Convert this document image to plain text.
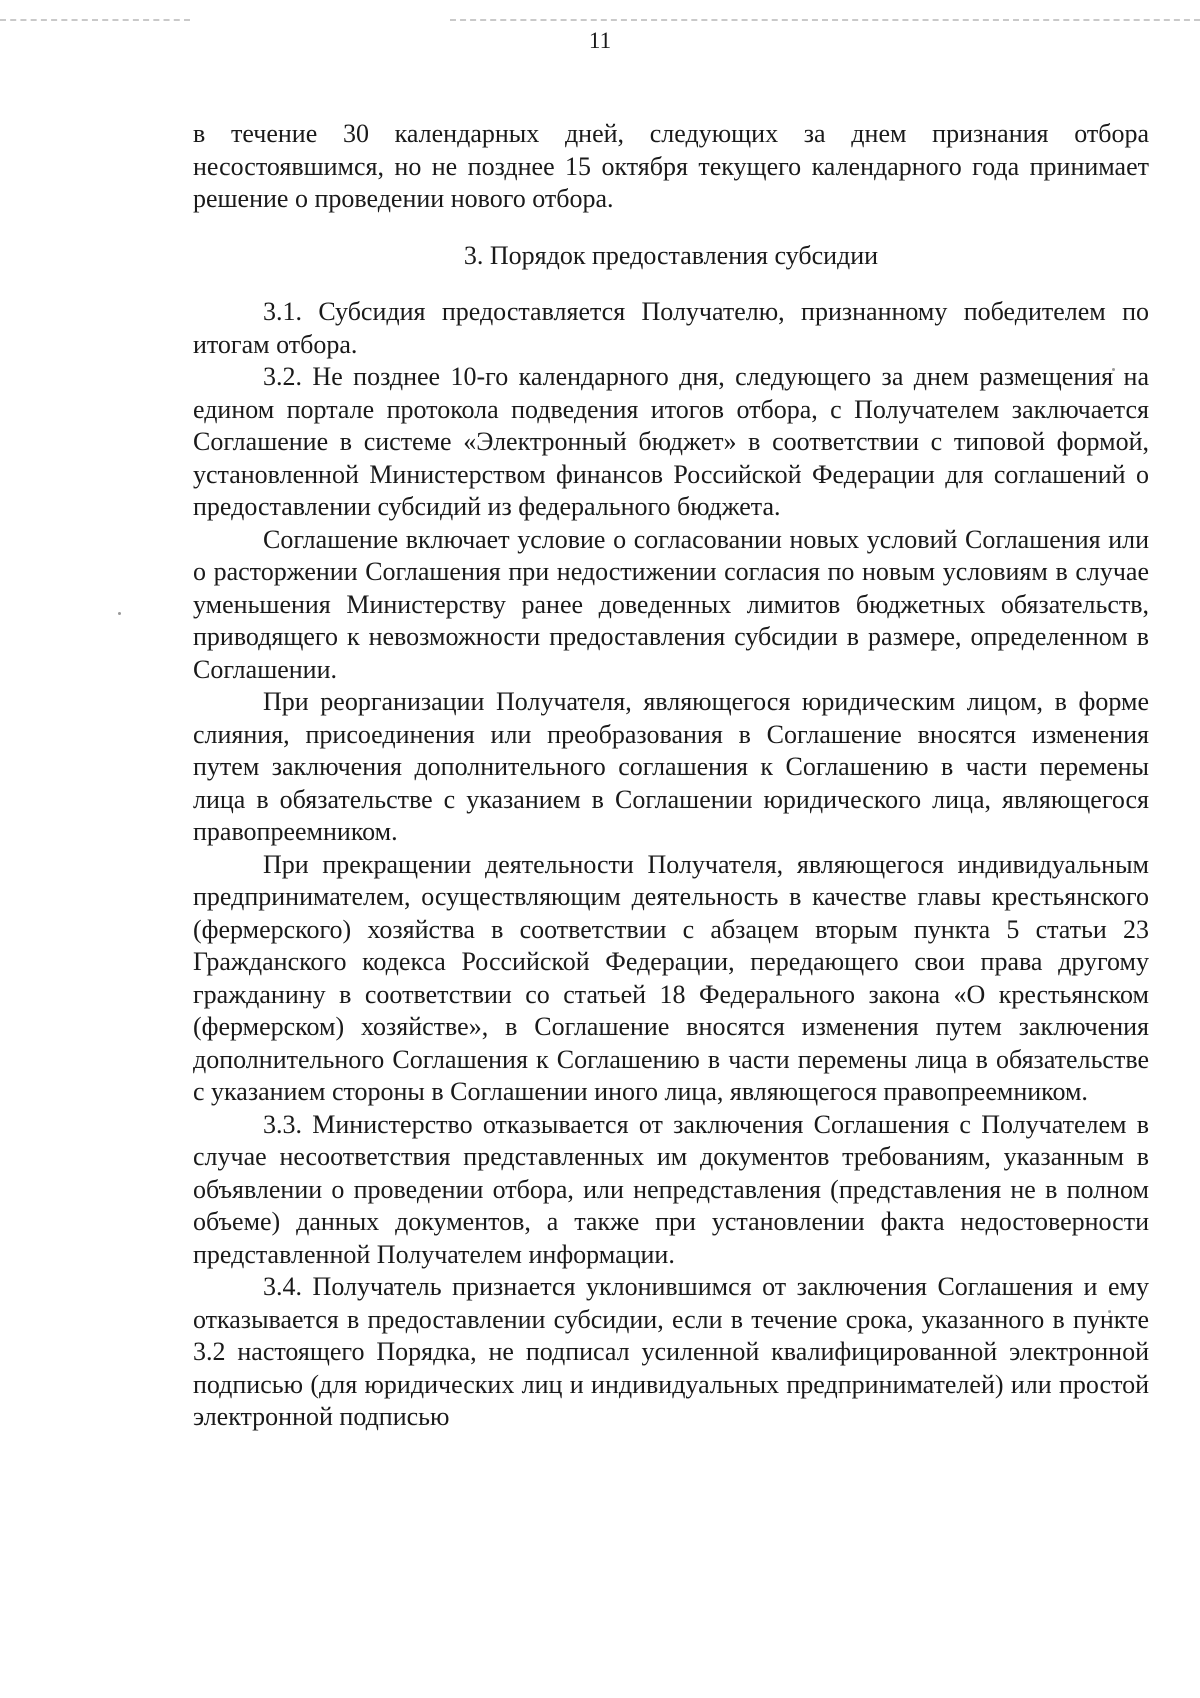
11

в течение 30 календарных дней, следующих за днем признания отбора несостоявшимся, но не позднее 15 октября текущего календарного года принимает решение о проведении нового отбора.

3. Порядок предоставления субсидии

3.1. Субсидия предоставляется Получателю, признанному победителем по итогам отбора.

3.2. Не позднее 10-го календарного дня, следующего за днем размещения на едином портале протокола подведения итогов отбора, с Получателем заключается Соглашение в системе «Электронный бюджет» в соответствии с типовой формой, установленной Министерством финансов Российской Федерации для соглашений о предоставлении субсидий из федерального бюджета.

Соглашение включает условие о согласовании новых условий Соглашения или о расторжении Соглашения при недостижении согласия по новым условиям в случае уменьшения Министерству ранее доведенных лимитов бюджетных обязательств, приводящего к невозможности предоставления субсидии в размере, определенном в Соглашении.

При реорганизации Получателя, являющегося юридическим лицом, в форме слияния, присоединения или преобразования в Соглашение вносятся изменения путем заключения дополнительного соглашения к Соглашению в части перемены лица в обязательстве с указанием в Соглашении юридического лица, являющегося правопреемником.

При прекращении деятельности Получателя, являющегося индивидуальным предпринимателем, осуществляющим деятельность в качестве главы крестьянского (фермерского) хозяйства в соответствии с абзацем вторым пункта 5 статьи 23 Гражданского кодекса Российской Федерации, передающего свои права другому гражданину в соответствии со статьей 18 Федерального закона «О крестьянском (фермерском) хозяйстве», в Соглашение вносятся изменения путем заключения дополнительного Соглашения к Соглашению в части перемены лица в обязательстве с указанием стороны в Соглашении иного лица, являющегося правопреемником.

3.3. Министерство отказывается от заключения Соглашения с Получателем в случае несоответствия представленных им документов требованиям, указанным в объявлении о проведении отбора, или непредставления (представления не в полном объеме) данных документов, а также при установлении факта недостоверности представленной Получателем информации.

3.4. Получатель признается уклонившимся от заключения Соглашения и ему отказывается в предоставлении субсидии, если в течение срока, указанного в пункте 3.2 настоящего Порядка, не подписал усиленной квалифицированной электронной подписью (для юридических лиц и индивидуальных предпринимателей) или простой электронной подписью
